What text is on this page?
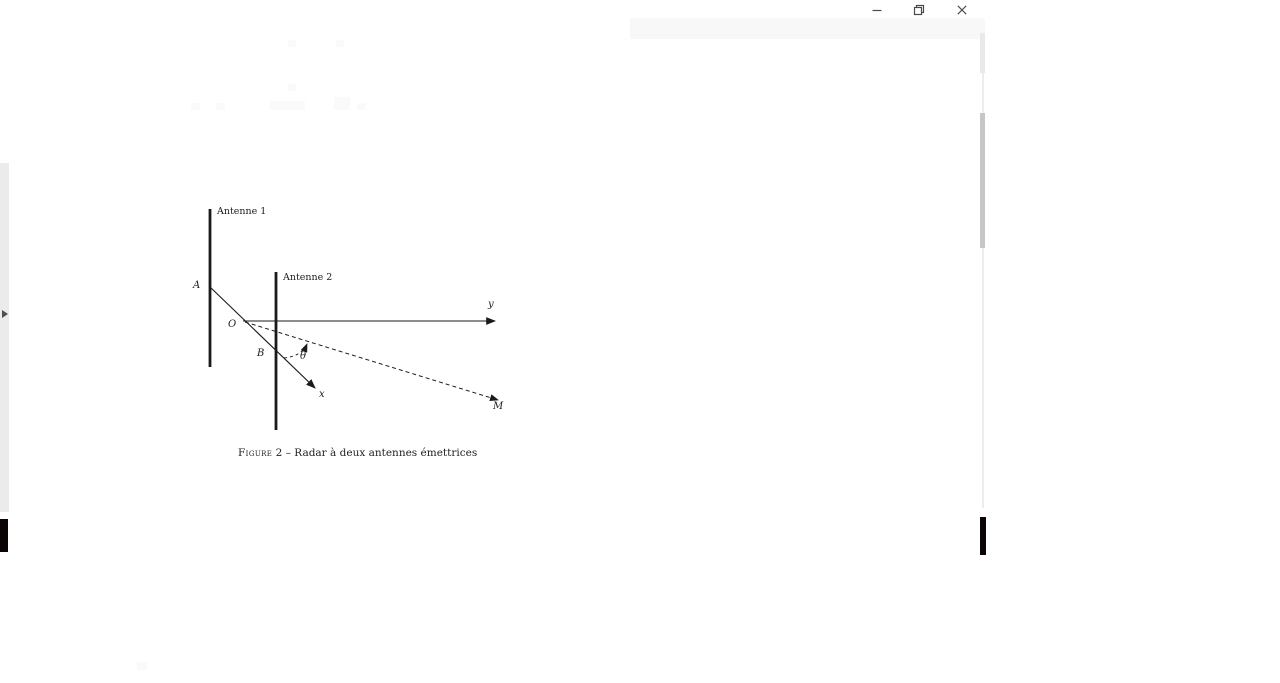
Antenne 1
Antenne 2
A
O
B	θ
x
y
M
Figure 2 – Radar à deux antennes émettrices
